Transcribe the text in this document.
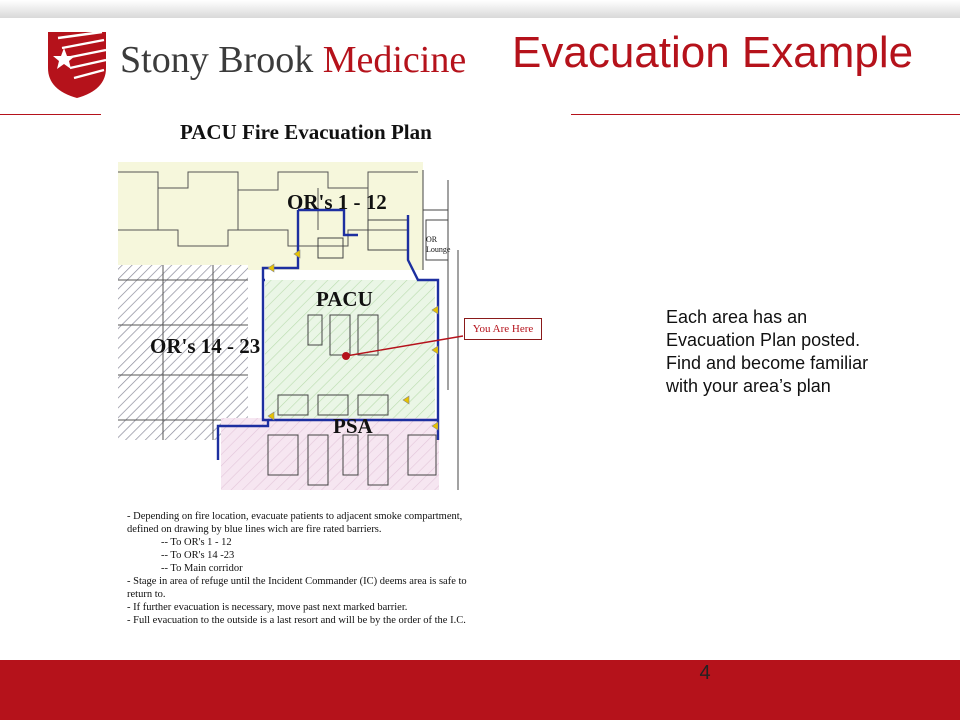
Stony Brook Medicine Evacuation Example
PACU Fire Evacuation Plan
OR's 1 - 12
OR's 14 - 23
PACU
PSA
OR
Lounge
You Are Here
- Depending on fire location, evacuate patients to adjacent smoke compartment,
defined on drawing by blue lines wich are fire rated barriers.
-- To OR's 1 - 12
-- To OR's 14 -23
-- To Main corridor
- Stage in area of refuge until the Incident Commander (IC) deems area is safe to
return to.
- If further evacuation is necessary, move past next marked barrier.
- Full evacuation to the outside is a last resort and will be by the order of the I.C.
Each area has an Evacuation Plan posted. Find and become familiar with your area’s plan
4
